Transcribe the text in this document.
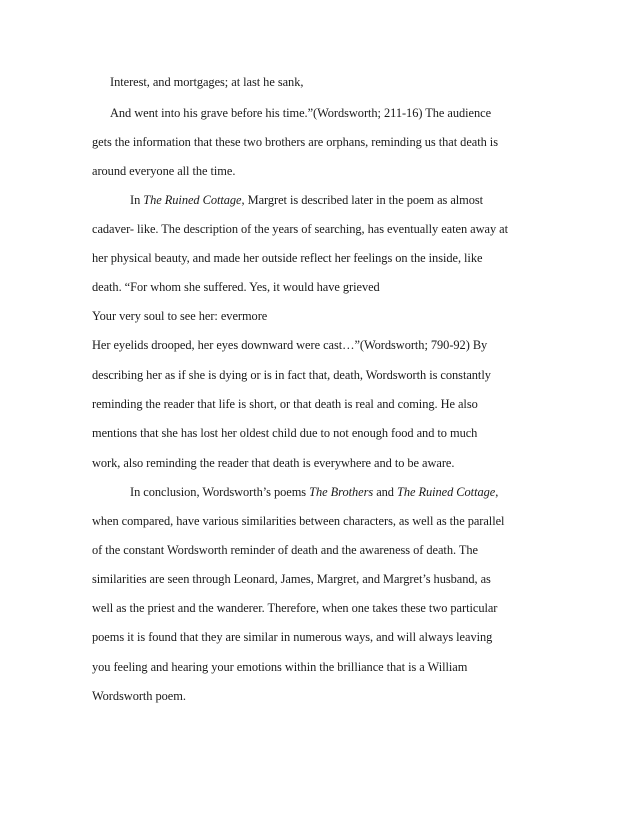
Interest, and mortgages; at last he sank,
And went into his grave before his time.”(Wordsworth; 211-16) The audience
gets the information that these two brothers are orphans, reminding us that death is
around everyone all the time.
In The Ruined Cottage, Margret is described later in the poem as almost
cadaver- like. The description of the years of searching, has eventually eaten away at
her physical beauty, and made her outside reflect her feelings on the inside, like
death. “For whom she suffered. Yes, it would have grieved
Your very soul to see her: evermore
Her eyelids drooped, her eyes downward were cast…”(Wordsworth; 790-92) By
describing her as if she is dying or is in fact that, death, Wordsworth is constantly
reminding the reader that life is short, or that death is real and coming. He also
mentions that she has lost her oldest child due to not enough food and to much
work, also reminding the reader that death is everywhere and to be aware.
In conclusion, Wordsworth’s poems The Brothers and The Ruined Cottage,
when compared, have various similarities between characters, as well as the parallel
of the constant Wordsworth reminder of death and the awareness of death. The
similarities are seen through Leonard, James, Margret, and Margret’s husband, as
well as the priest and the wanderer. Therefore, when one takes these two particular
poems it is found that they are similar in numerous ways, and will always leaving
you feeling and hearing your emotions within the brilliance that is a William
Wordsworth poem.
